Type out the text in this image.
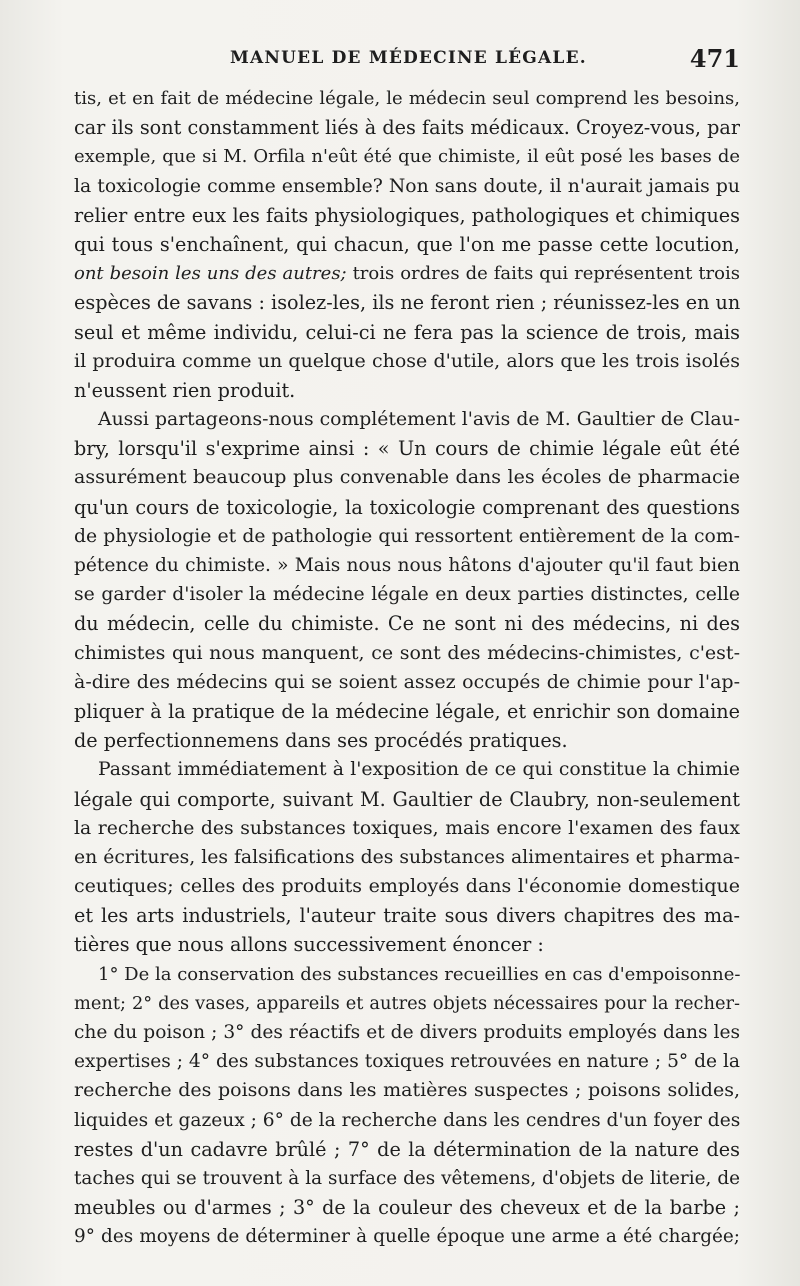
MANUEL DE MÉDECINE LÉGALE.	471
tis, et en fait de médecine légale, le médecin seul comprend les besoins,
car ils sont constamment liés à des faits médicaux. Croyez-vous, par
exemple, que si M. Orfila n'eût été que chimiste, il eût posé les bases de
la toxicologie comme ensemble? Non sans doute, il n'aurait jamais pu
relier entre eux les faits physiologiques, pathologiques et chimiques
qui tous s'enchaînent, qui chacun, que l'on me passe cette locution,
ont besoin les uns des autres; trois ordres de faits qui représentent trois
espèces de savans : isolez-les, ils ne feront rien ; réunissez-les en un
seul et même individu, celui-ci ne fera pas la science de trois, mais
il produira comme un quelque chose d'utile, alors que les trois isolés
n'eussent rien produit.
Aussi partageons-nous complétement l'avis de M. Gaultier de Clau-
bry, lorsqu'il s'exprime ainsi : « Un cours de chimie légale eût été
assurément beaucoup plus convenable dans les écoles de pharmacie
qu'un cours de toxicologie, la toxicologie comprenant des questions
de physiologie et de pathologie qui ressortent entièrement de la com-
pétence du chimiste. » Mais nous nous hâtons d'ajouter qu'il faut bien
se garder d'isoler la médecine légale en deux parties distinctes, celle
du médecin, celle du chimiste. Ce ne sont ni des médecins, ni des
chimistes qui nous manquent, ce sont des médecins-chimistes, c'est-
à-dire des médecins qui se soient assez occupés de chimie pour l'ap-
pliquer à la pratique de la médecine légale, et enrichir son domaine
de perfectionnemens dans ses procédés pratiques.
Passant immédiatement à l'exposition de ce qui constitue la chimie
légale qui comporte, suivant M. Gaultier de Claubry, non-seulement
la recherche des substances toxiques, mais encore l'examen des faux
en écritures, les falsifications des substances alimentaires et pharma-
ceutiques; celles des produits employés dans l'économie domestique
et les arts industriels, l'auteur traite sous divers chapitres des ma-
tières que nous allons successivement énoncer :
1° De la conservation des substances recueillies en cas d'empoisonne-
ment; 2° des vases, appareils et autres objets nécessaires pour la recher-
che du poison ; 3° des réactifs et de divers produits employés dans les
expertises ; 4° des substances toxiques retrouvées en nature ; 5° de la
recherche des poisons dans les matières suspectes ; poisons solides,
liquides et gazeux ; 6° de la recherche dans les cendres d'un foyer des
restes d'un cadavre brûlé ; 7° de la détermination de la nature des
taches qui se trouvent à la surface des vêtemens, d'objets de literie, de
meubles ou d'armes ; 3° de la couleur des cheveux et de la barbe ;
9° des moyens de déterminer à quelle époque une arme a été chargée;
